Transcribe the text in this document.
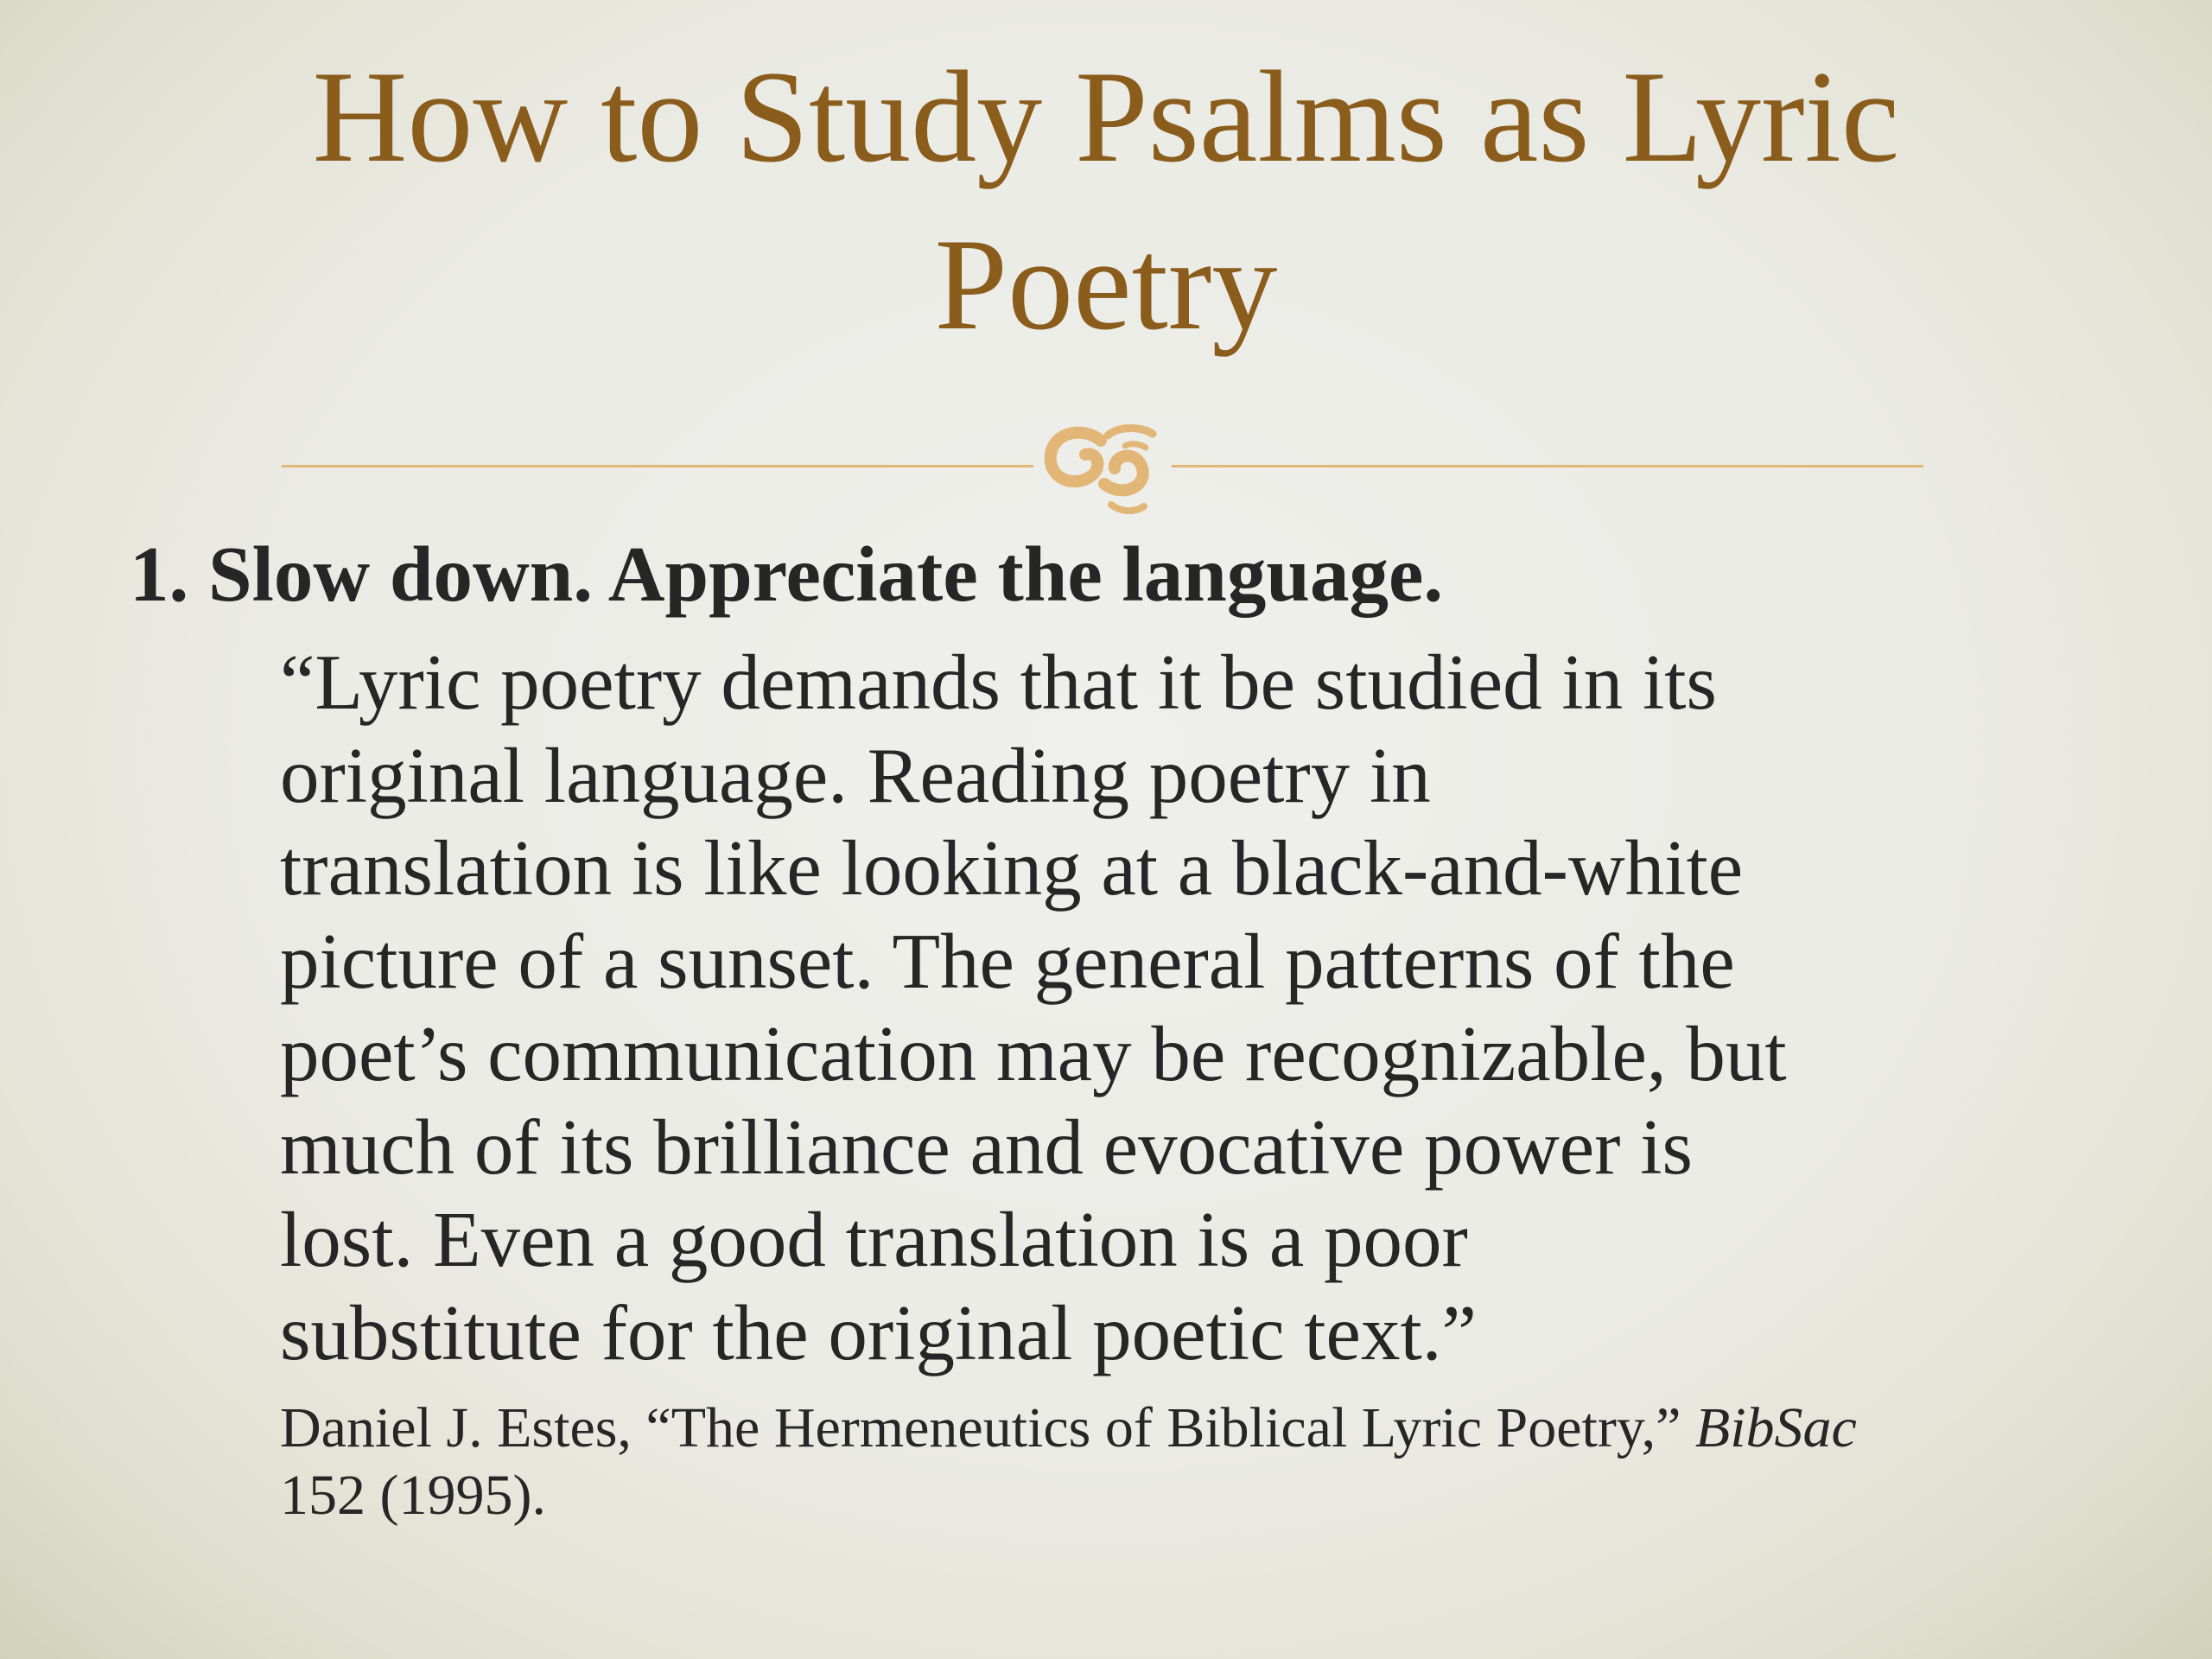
How to Study Psalms as Lyric
Poetry

1. Slow down. Appreciate the language.

“Lyric poetry demands that it be studied in its
original language. Reading poetry in
translation is like looking at a black-and-white
picture of a sunset. The general patterns of the
poet’s communication may be recognizable, but
much of its brilliance and evocative power is
lost. Even a good translation is a poor
substitute for the original poetic text.”

Daniel J. Estes, “The Hermeneutics of Biblical Lyric Poetry,” BibSac
152 (1995).
